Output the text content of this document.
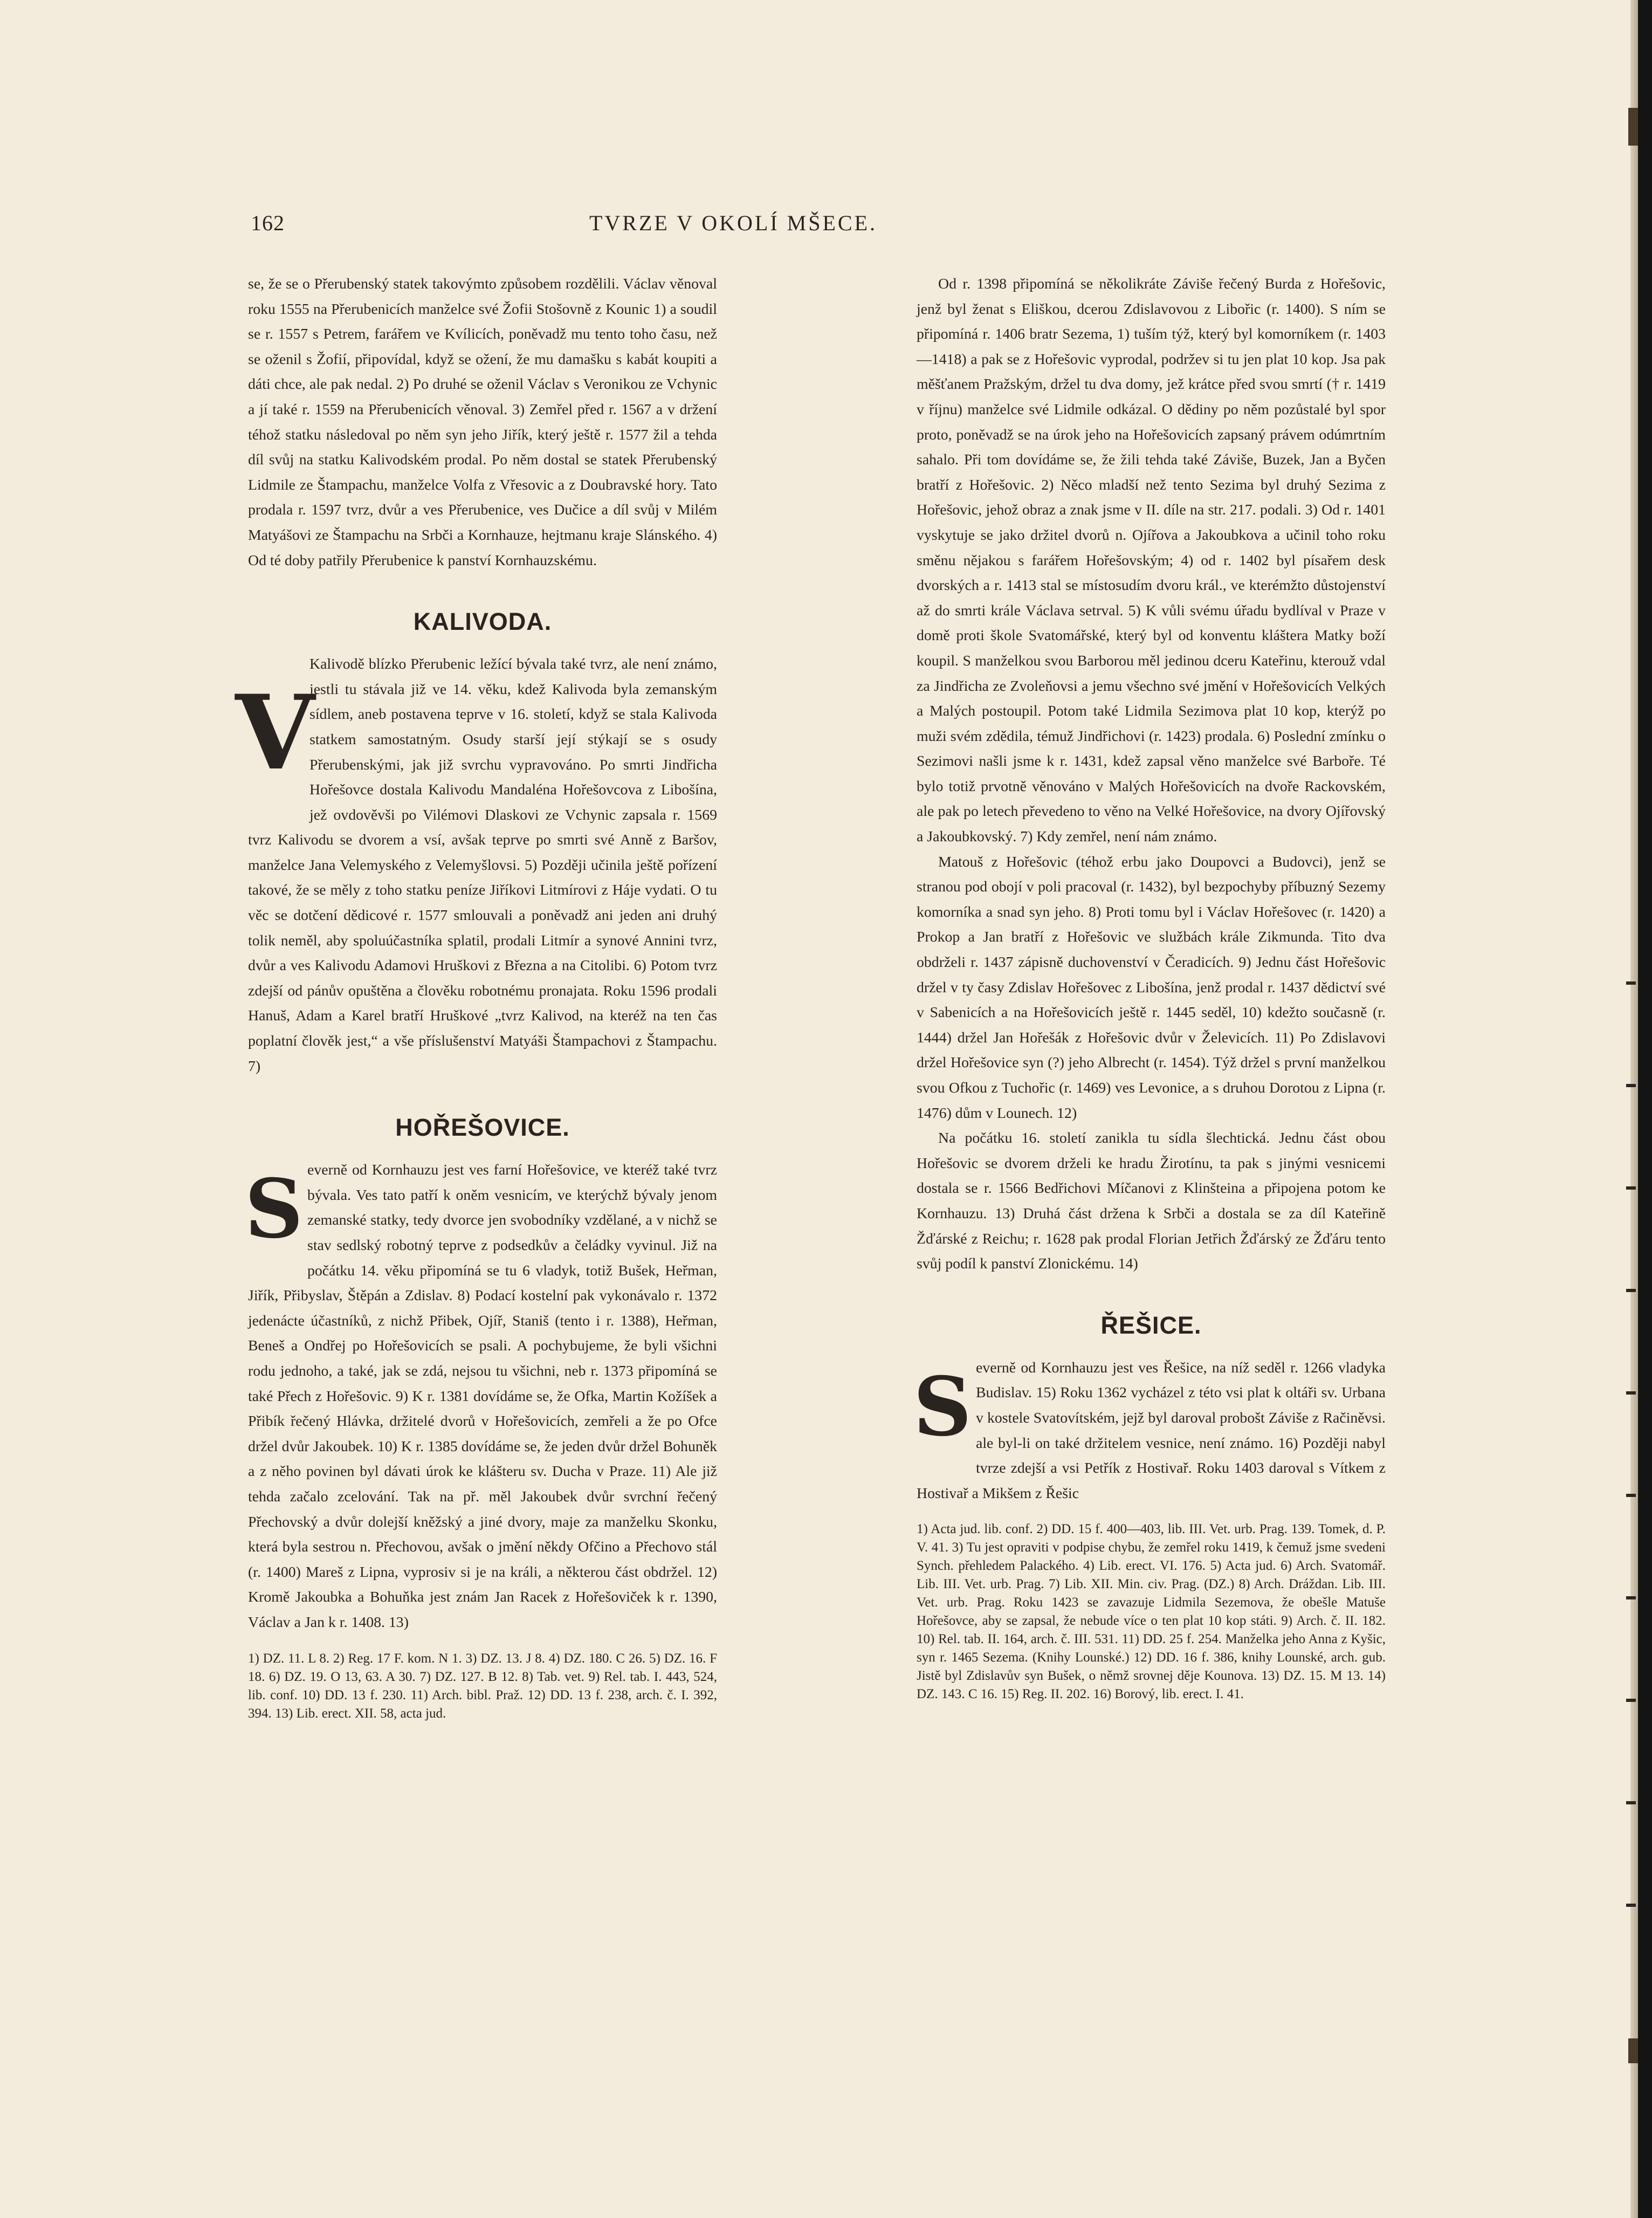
162	TVRZE V OKOLÍ MŠECE.

se, že se o Přerubenský statek takovýmto způsobem rozdělili. Václav věnoval roku 1555 na Přerubenicích manželce své Žofii Stošovně z Kounic 1) a soudil se r. 1557 s Petrem, farářem ve Kvílicích, poněvadž mu tento toho času, než se oženil s Žofií, připovídal, když se ožení, že mu damašku s kabát koupiti a dáti chce, ale pak nedal. 2) Po druhé se oženil Václav s Veronikou ze Vchynic a jí také r. 1559 na Přerubenicích věnoval. 3) Zemřel před r. 1567 a v držení téhož statku následoval po něm syn jeho Jiřík, který ještě r. 1577 žil a tehda díl svůj na statku Kalivodském prodal. Po něm dostal se statek Přerubenský Lidmile ze Štampachu, manželce Volfa z Vřesovic a z Doubravské hory. Tato prodala r. 1597 tvrz, dvůr a ves Přerubenice, ves Dučice a díl svůj v Milém Matyášovi ze Štampachu na Srbči a Kornhauze, hejtmanu kraje Slánského. 4) Od té doby patřily Přerubenice k panství Kornhauzskému.

KALIVODA.
V

Kalivodě blízko Přerubenic ležící bývala také tvrz, ale není známo, jestli tu stávala již ve 14. věku, kdež Kalivoda byla zemanským sídlem, aneb postavena teprve v 16. století, když se stala Kalivoda statkem samostatným. Osudy starší její stýkají se s osudy Přerubenskými, jak již svrchu vypravováno. Po smrti Jindřicha Hořešovce dostala Kalivodu Mandaléna Hořešovcova z Libošína, jež ovdověvši po Vilémovi Dlaskovi ze Vchynic zapsala r. 1569 tvrz Kalivodu se dvorem a vsí, avšak teprve po smrti své Anně z Baršov, manželce Jana Velemyského z Velemyšlovsi. 5) Později učinila ještě pořízení takové, že se měly z toho statku peníze Jiříkovi Litmírovi z Háje vydati. O tu věc se dotčení dědicové r. 1577 smlouvali a poněvadž ani jeden ani druhý tolik neměl, aby spoluúčastníka splatil, prodali Litmír a synové Annini tvrz, dvůr a ves Kalivodu Adamovi Hruškovi z Března a na Citolibi. 6) Potom tvrz zdejší od pánův opuštěna a člověku robotnému pronajata. Roku 1596 prodali Hanuš, Adam a Karel bratří Hruškové „tvrz Kalivod, na kteréž na ten čas poplatní člověk jest,“ a vše příslušenství Matyáši Štampachovi z Štampachu. 7)

HOŘEŠOVICE.
S everně od Kornhauzu jest ves farní Hořešovice, ve kteréž také tvrz bývala. Ves tato patří k oněm vesnicím, ve kterýchž bývaly jenom zemanské statky, tedy dvorce jen svobodníky vzdělané, a v nichž se stav sedlský robotný teprve z podsedkův a čeládky vyvinul. Již na počátku 14. věku připomíná se tu 6 vladyk, totiž Bušek, Heřman, Jiřík, Přibyslav, Štěpán a Zdislav. 8) Podací kostelní pak vykonávalo r. 1372 jedenácte účastníků, z nichž Přibek, Ojíř, Staniš (tento i r. 1388), Heřman, Beneš a Ondřej po Hořešovicích se psali. A pochybujeme, že byli všichni rodu jednoho, a také, jak se zdá, nejsou tu všichni, neb r. 1373 připomíná se také Přech z Hořešovic. 9) K r. 1381 dovídáme se, že Ofka, Martin Kožíšek a Přibík řečený Hlávka, držitelé dvorů v Hořešovicích, zemřeli a že po Ofce držel dvůr Jakoubek. 10) K r. 1385 dovídáme se, že jeden dvůr držel Bohuněk a z něho povinen byl dávati úrok ke klášteru sv. Ducha v Praze. 11) Ale již tehda začalo zcelování. Tak na př. měl Jakoubek dvůr svrchní řečený Přechovský a dvůr dolejší kněžský a jiné dvory, maje za manželku Skonku, která byla sestrou n. Přechovou, avšak o jmění někdy Ofčino a Přechovo stál (r. 1400) Mareš z Lipna, vyprosiv si je na králi, a některou část obdržel. 12) Kromě Jakoubka a Bohuňka jest znám Jan Racek z Hořešoviček k r. 1390, Václav a Jan k r. 1408. 13)

1) DZ. 11. L 8. 2) Reg. 17 F. kom. N 1. 3) DZ. 13. J 8. 4) DZ. 180. C 26. 5) DZ. 16. F 18. 6) DZ. 19. O 13, 63. A 30. 7) DZ. 127. B 12. 8) Tab. vet. 9) Rel. tab. I. 443, 524, lib. conf. 10) DD. 13 f. 230. 11) Arch. bibl. Praž. 12) DD. 13 f. 238, arch. č. I. 392, 394. 13) Lib. erect. XII. 58, acta jud.

Od r. 1398 připomíná se několikráte Záviše řečený Burda z Hořešovic, jenž byl ženat s Eliškou, dcerou Zdislavovou z Libořic (r. 1400). S ním se připomíná r. 1406 bratr Sezema, 1) tuším týž, který byl komorníkem (r. 1403—1418) a pak se z Hořešovic vyprodal, podržev si tu jen plat 10 kop. Jsa pak měšťanem Pražským, držel tu dva domy, jež krátce před svou smrtí († r. 1419 v říjnu) manželce své Lidmile odkázal. O dědiny po něm pozůstalé byl spor proto, poněvadž se na úrok jeho na Hořešovicích zapsaný právem odúmrtním sahalo. Při tom dovídáme se, že žili tehda také Záviše, Buzek, Jan a Byčen bratří z Hořešovic. 2) Něco mladší než tento Sezima byl druhý Sezima z Hořešovic, jehož obraz a znak jsme v II. díle na str. 217. podali. 3) Od r. 1401 vyskytuje se jako držitel dvorů n. Ojířova a Jakoubkova a učinil toho roku směnu nějakou s farářem Hořešovským; 4) od r. 1402 byl písařem desk dvorských a r. 1413 stal se místosudím dvoru král., ve kterémžto důstojenství až do smrti krále Václava setrval. 5) K vůli svému úřadu bydlíval v Praze v domě proti škole Svatomářské, který byl od konventu kláštera Matky boží koupil. S manželkou svou Barborou měl jedinou dceru Kateřinu, kterouž vdal za Jindřicha ze Zvoleňovsi a jemu všechno své jmění v Hořešovicích Velkých a Malých postoupil. Potom také Lidmila Sezimova plat 10 kop, kterýž po muži svém zdědila, témuž Jindřichovi (r. 1423) prodala. 6) Poslední zmínku o Sezimovi našli jsme k r. 1431, kdež zapsal věno manželce své Barboře. Té bylo totiž prvotně věnováno v Malých Hořešovicích na dvoře Rackovském, ale pak po letech převedeno to věno na Velké Hořešovice, na dvory Ojířovský a Jakoubkovský. 7) Kdy zemřel, není nám známo.

Matouš z Hořešovic (téhož erbu jako Doupovci a Budovci), jenž se stranou pod obojí v poli pracoval (r. 1432), byl bezpochyby příbuzný Sezemy komorníka a snad syn jeho. 8) Proti tomu byl i Václav Hořešovec (r. 1420) a Prokop a Jan bratří z Hořešovic ve službách krále Zikmunda. Tito dva obdrželi r. 1437 zápisně duchovenství v Čeradicích. 9) Jednu část Hořešovic držel v ty časy Zdislav Hořešovec z Libošína, jenž prodal r. 1437 dědictví své v Sabenicích a na Hořešovicích ještě r. 1445 seděl, 10) kdežto současně (r. 1444) držel Jan Hořešák z Hořešovic dvůr v Želevicích. 11) Po Zdislavovi držel Hořešovice syn (?) jeho Albrecht (r. 1454). Týž držel s první manželkou svou Ofkou z Tuchořic (r. 1469) ves Levonice, a s druhou Dorotou z Lipna (r. 1476) dům v Lounech. 12)

Na počátku 16. století zanikla tu sídla šlechtická. Jednu část obou Hořešovic se dvorem drželi ke hradu Žirotínu, ta pak s jinými vesnicemi dostala se r. 1566 Bedřichovi Míčanovi z Klinšteina a připojena potom ke Kornhauzu. 13) Druhá část držena k Srbči a dostala se za díl Kateřině Žďárské z Reichu; r. 1628 pak prodal Florian Jetřich Žďárský ze Žďáru tento svůj podíl k panství Zlonickému. 14)

ŘEŠICE.
S everně od Kornhauzu jest ves Řešice, na níž seděl r. 1266 vladyka Budislav. 15) Roku 1362 vycházel z této vsi plat k oltáři sv. Urbana v kostele Svatovítském, jejž byl daroval probošt Záviše z Račiněvsi. ale byl-li on také držitelem vesnice, není známo. 16) Později nabyl tvrze zdejší a vsi Petřík z Hostivař. Roku 1403 daroval s Vítkem z Hostivař a Mikšem z Řešic

1) Acta jud. lib. conf. 2) DD. 15 f. 400—403, lib. III. Vet. urb. Prag. 139. Tomek, d. P. V. 41. 3) Tu jest opraviti v podpise chybu, že zemřel roku 1419, k čemuž jsme svedeni Synch. přehledem Palackého. 4) Lib. erect. VI. 176. 5) Acta jud. 6) Arch. Svatomář. Lib. III. Vet. urb. Prag. 7) Lib. XII. Min. civ. Prag. (DZ.) 8) Arch. Dráždan. Lib. III. Vet. urb. Prag. Roku 1423 se zavazuje Lidmila Sezemova, že obešle Matuše Hořešovce, aby se zapsal, že nebude více o ten plat 10 kop státi. 9) Arch. č. II. 182. 10) Rel. tab. II. 164, arch. č. III. 531. 11) DD. 25 f. 254. Manželka jeho Anna z Kyšic, syn r. 1465 Sezema. (Knihy Lounské.) 12) DD. 16 f. 386, knihy Lounské, arch. gub. Jistě byl Zdislavův syn Bušek, o němž srovnej děje Kounova. 13) DZ. 15. M 13. 14) DZ. 143. C 16. 15) Reg. II. 202. 16) Borový, lib. erect. I. 41.
